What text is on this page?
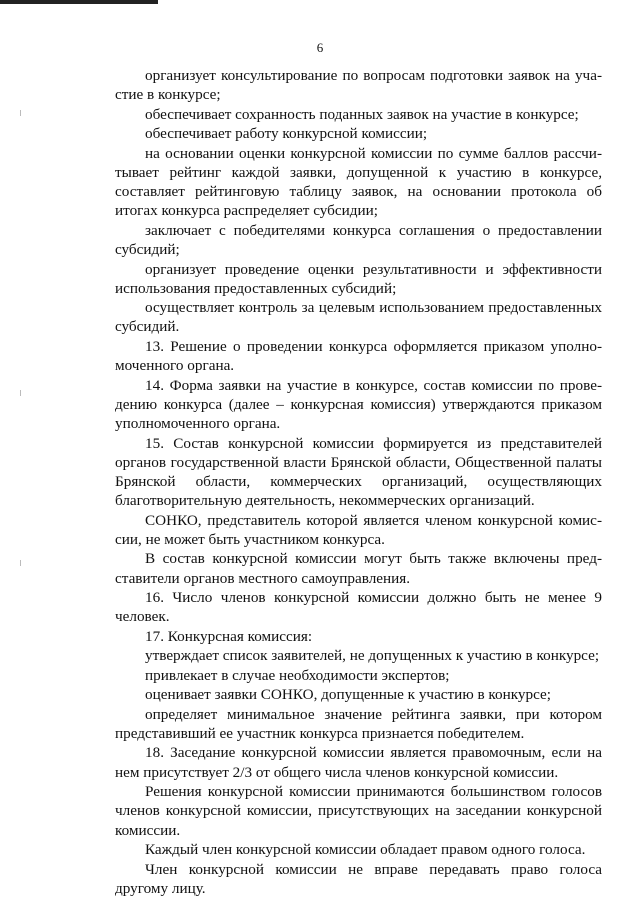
6

организует консультирование по вопросам подготовки заявок на участие в конкурсе;

обеспечивает сохранность поданных заявок на участие в конкурсе;

обеспечивает работу конкурсной комиссии;

на основании оценки конкурсной комиссии по сумме баллов рассчитывает рейтинг каждой заявки, допущенной к участию в конкурсе, составляет рейтинговую таблицу заявок, на основании протокола об итогах конкурса распределяет субсидии;

заключает с победителями конкурса соглашения о предоставлении субсидий;

организует проведение оценки результативности и эффективности использования предоставленных субсидий;

осуществляет контроль за целевым использованием предоставленных субсидий.

13. Решение о проведении конкурса оформляется приказом уполномоченного органа.

14. Форма заявки на участие в конкурсе, состав комиссии по проведению конкурса (далее – конкурсная комиссия) утверждаются приказом уполномоченного органа.

15. Состав конкурсной комиссии формируется из представителей органов государственной власти Брянской области, Общественной палаты Брянской области, коммерческих организаций, осуществляющих благотворительную деятельность, некоммерческих организаций.

СОНКО, представитель которой является членом конкурсной комиссии, не может быть участником конкурса.

В состав конкурсной комиссии могут быть также включены представители органов местного самоуправления.

16. Число членов конкурсной комиссии должно быть не менее 9 человек.

17. Конкурсная комиссия:

утверждает список заявителей, не допущенных к участию в конкурсе;

привлекает в случае необходимости экспертов;

оценивает заявки СОНКО, допущенные к участию в конкурсе;

определяет минимальное значение рейтинга заявки, при котором представивший ее участник конкурса признается победителем.

18. Заседание конкурсной комиссии является правомочным, если на нем присутствует 2/3 от общего числа членов конкурсной комиссии.

Решения конкурсной комиссии принимаются большинством голосов членов конкурсной комиссии, присутствующих на заседании конкурсной комиссии.

Каждый член конкурсной комиссии обладает правом одного голоса.

Член конкурсной комиссии не вправе передавать право голоса другому лицу.
